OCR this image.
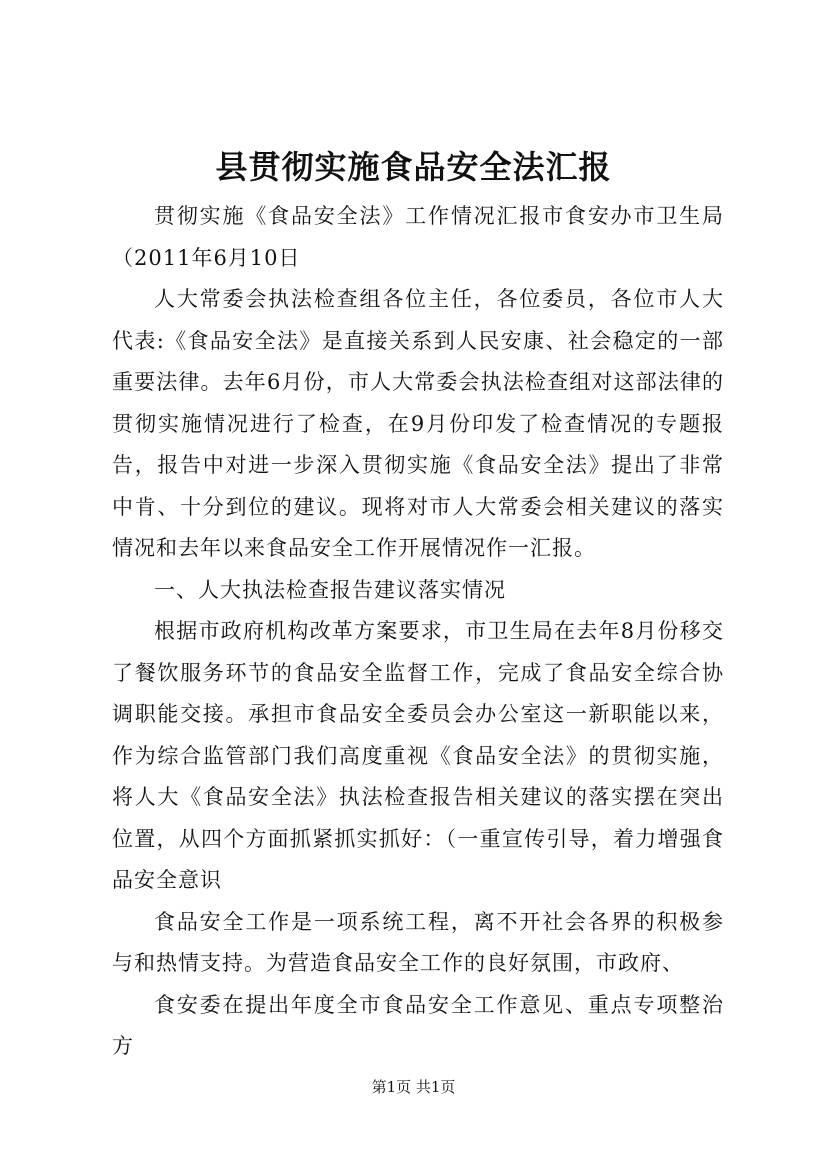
县贯彻实施食品安全法汇报

贯彻实施《食品安全法》工作情况汇报市食安办市卫生局（2011年6月10日

人大常委会执法检查组各位主任，各位委员，各位市人大代表:《食品安全法》是直接关系到人民安康、社会稳定的一部重要法律。去年6月份，市人大常委会执法检查组对这部法律的贯彻实施情况进行了检查，在9月份印发了检查情况的专题报告，报告中对进一步深入贯彻实施《食品安全法》提出了非常中肯、十分到位的建议。现将对市人大常委会相关建议的落实情况和去年以来食品安全工作开展情况作一汇报。

一、人大执法检查报告建议落实情况

根据市政府机构改革方案要求，市卫生局在去年8月份移交了餐饮服务环节的食品安全监督工作，完成了食品安全综合协调职能交接。承担市食品安全委员会办公室这一新职能以来，作为综合监管部门我们高度重视《食品安全法》的贯彻实施，将人大《食品安全法》执法检查报告相关建议的落实摆在突出位置，从四个方面抓紧抓实抓好：（一重宣传引导，着力增强食品安全意识

食品安全工作是一项系统工程，离不开社会各界的积极参与和热情支持。为营造食品安全工作的良好氛围，市政府、

食安委在提出年度全市食品安全工作意见、重点专项整治方

第1页 共1页
